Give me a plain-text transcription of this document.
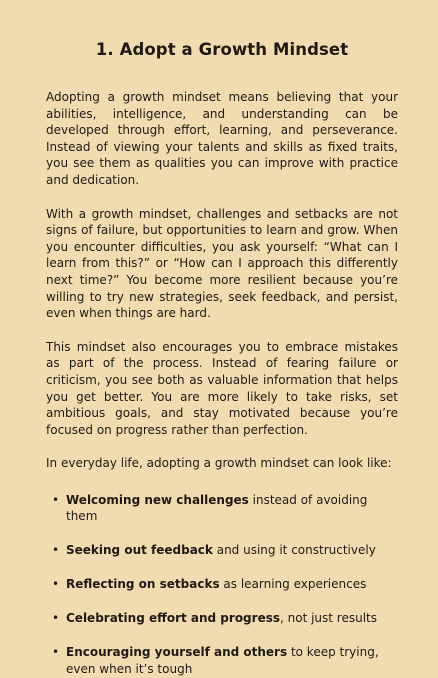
1. Adopt a Growth Mindset

Adopting a growth mindset means believing that your abilities, intelligence, and understanding can be developed through effort, learning, and perseverance. Instead of viewing your talents and skills as fixed traits, you see them as qualities you can improve with practice and dedication.

With a growth mindset, challenges and setbacks are not signs of failure, but opportunities to learn and grow. When you encounter difficulties, you ask yourself: “What can I learn from this?” or “How can I approach this differently next time?” You become more resilient because you’re willing to try new strategies, seek feedback, and persist, even when things are hard.

This mindset also encourages you to embrace mistakes as part of the process. Instead of fearing failure or criticism, you see both as valuable information that helps you get better. You are more likely to take risks, set ambitious goals, and stay motivated because you’re focused on progress rather than perfection.

In everyday life, adopting a growth mindset can look like:

• Welcoming new challenges instead of avoiding them
• Seeking out feedback and using it constructively
• Reflecting on setbacks as learning experiences
• Celebrating effort and progress, not just results
• Encouraging yourself and others to keep trying, even when it’s tough
